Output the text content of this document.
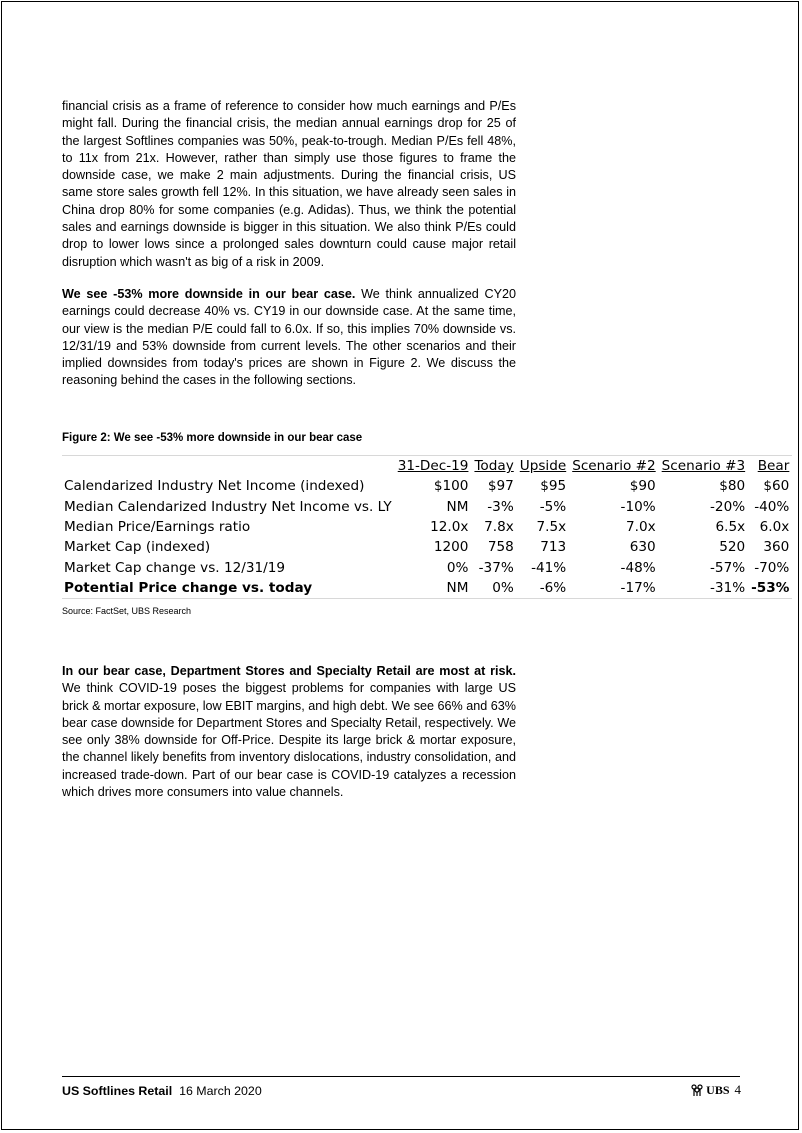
financial crisis as a frame of reference to consider how much earnings and P/Es might fall. During the financial crisis, the median annual earnings drop for 25 of the largest Softlines companies was 50%, peak-to-trough. Median P/Es fell 48%, to 11x from 21x. However, rather than simply use those figures to frame the downside case, we make 2 main adjustments. During the financial crisis, US same store sales growth fell 12%. In this situation, we have already seen sales in China drop 80% for some companies (e.g. Adidas). Thus, we think the potential sales and earnings downside is bigger in this situation. We also think P/Es could drop to lower lows since a prolonged sales downturn could cause major retail disruption which wasn't as big of a risk in 2009.

We see -53% more downside in our bear case. We think annualized CY20 earnings could decrease 40% vs. CY19 in our downside case. At the same time, our view is the median P/E could fall to 6.0x. If so, this implies 70% downside vs. 12/31/19 and 53% downside from current levels. The other scenarios and their implied downsides from today's prices are shown in Figure 2. We discuss the reasoning behind the cases in the following sections.

Figure 2: We see -53% more downside in our bear case

	31-Dec-19	Today	Upside	Scenario #2	Scenario #3	Bear
Calendarized Industry Net Income (indexed)	$100	$97	$95	$90	$80	$60
Median Calendarized Industry Net Income vs. LY	NM	-3%	-5%	-10%	-20%	-40%
Median Price/Earnings ratio	12.0x	7.8x	7.5x	7.0x	6.5x	6.0x
Market Cap (indexed)	1200	758	713	630	520	360
Market Cap change vs. 12/31/19	0%	-37%	-41%	-48%	-57%	-70%
Potential Price change vs. today	NM	0%	-6%	-17%	-31%	-53%

Source: FactSet, UBS Research

In our bear case, Department Stores and Specialty Retail are most at risk. We think COVID-19 poses the biggest problems for companies with large US brick & mortar exposure, low EBIT margins, and high debt. We see 66% and 63% bear case downside for Department Stores and Specialty Retail, respectively. We see only 38% downside for Off-Price. Despite its large brick & mortar exposure, the channel likely benefits from inventory dislocations, industry consolidation, and increased trade-down. Part of our bear case is COVID-19 catalyzes a recession which drives more consumers into value channels.

US Softlines Retail 16 March 2020	UBS 4
